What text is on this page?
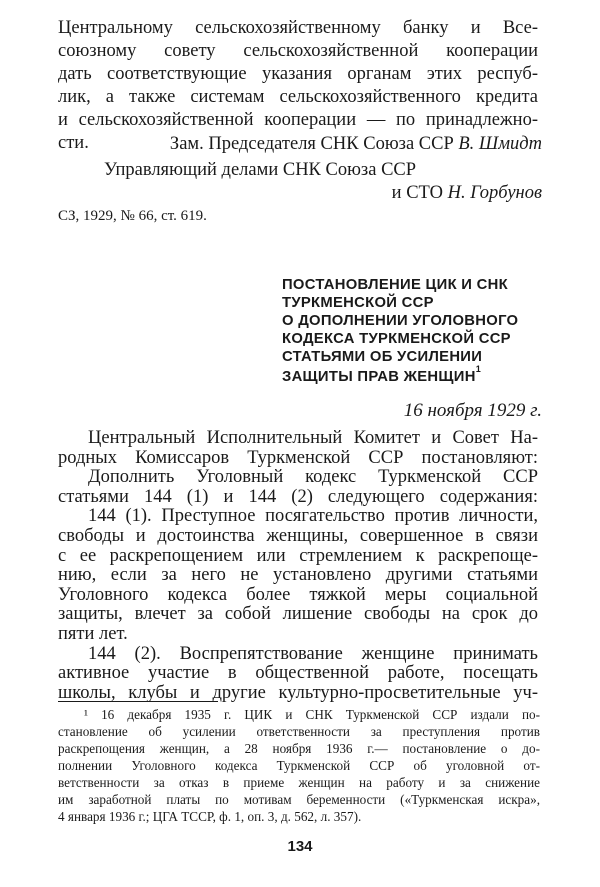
Центральному сельскохозяйственному банку и Все-
союзному совету сельскохозяйственной кооперации
дать соответствующие указания органам этих респуб-
лик, а также системам сельскохозяйственного кредита
и сельскохозяйственной кооперации — по принадлежно-
сти.	Зам. Председателя СНК Союза ССР В. Шмидт
Управляющий делами СНК Союза ССР
и СТО Н. Горбунов
СЗ, 1929, № 66, ст. 619.
ПОСТАНОВЛЕНИЕ ЦИК И СНК
ТУРКМЕНСКОЙ ССР
О ДОПОЛНЕНИИ УГОЛОВНОГО
КОДЕКСА ТУРКМЕНСКОЙ ССР
СТАТЬЯМИ ОБ УСИЛЕНИИ
ЗАЩИТЫ ПРАВ ЖЕНЩИН$^1$
16 ноября 1929 г.
Центральный Исполнительный Комитет и Совет На-
родных Комиссаров Туркменской ССР постановляют:
Дополнить Уголовный кодекс Туркменской ССР
статьями 144 (1) и 144 (2) следующего содержания:
144 (1). Преступное посягательство против личности,
свободы и достоинства женщины, совершенное в связи
с ее раскрепощением или стремлением к раскрепоще-
нию, если за него не установлено другими статьями
Уголовного кодекса более тяжкой меры социальной
защиты, влечет за собой лишение свободы на срок до
пяти лет.
144 (2). Воспрепятствование женщине принимать
активное участие в общественной работе, посещать
школы, клубы и другие культурно-просветительные уч-
¹ 16 декабря 1935 г. ЦИК и СНК Туркменской ССР издали по-
становление об усилении ответственности за преступления против
раскрепощения женщин, а 28 ноября 1936 г.— постановление о до-
полнении Уголовного кодекса Туркменской ССР об уголовной от-
ветственности за отказ в приеме женщин на работу и за снижение
им заработной платы по мотивам беременности («Туркменская искра»,
4 января 1936 г.; ЦГА ТССР, ф. 1, оп. 3, д. 562, л. 357).
134
